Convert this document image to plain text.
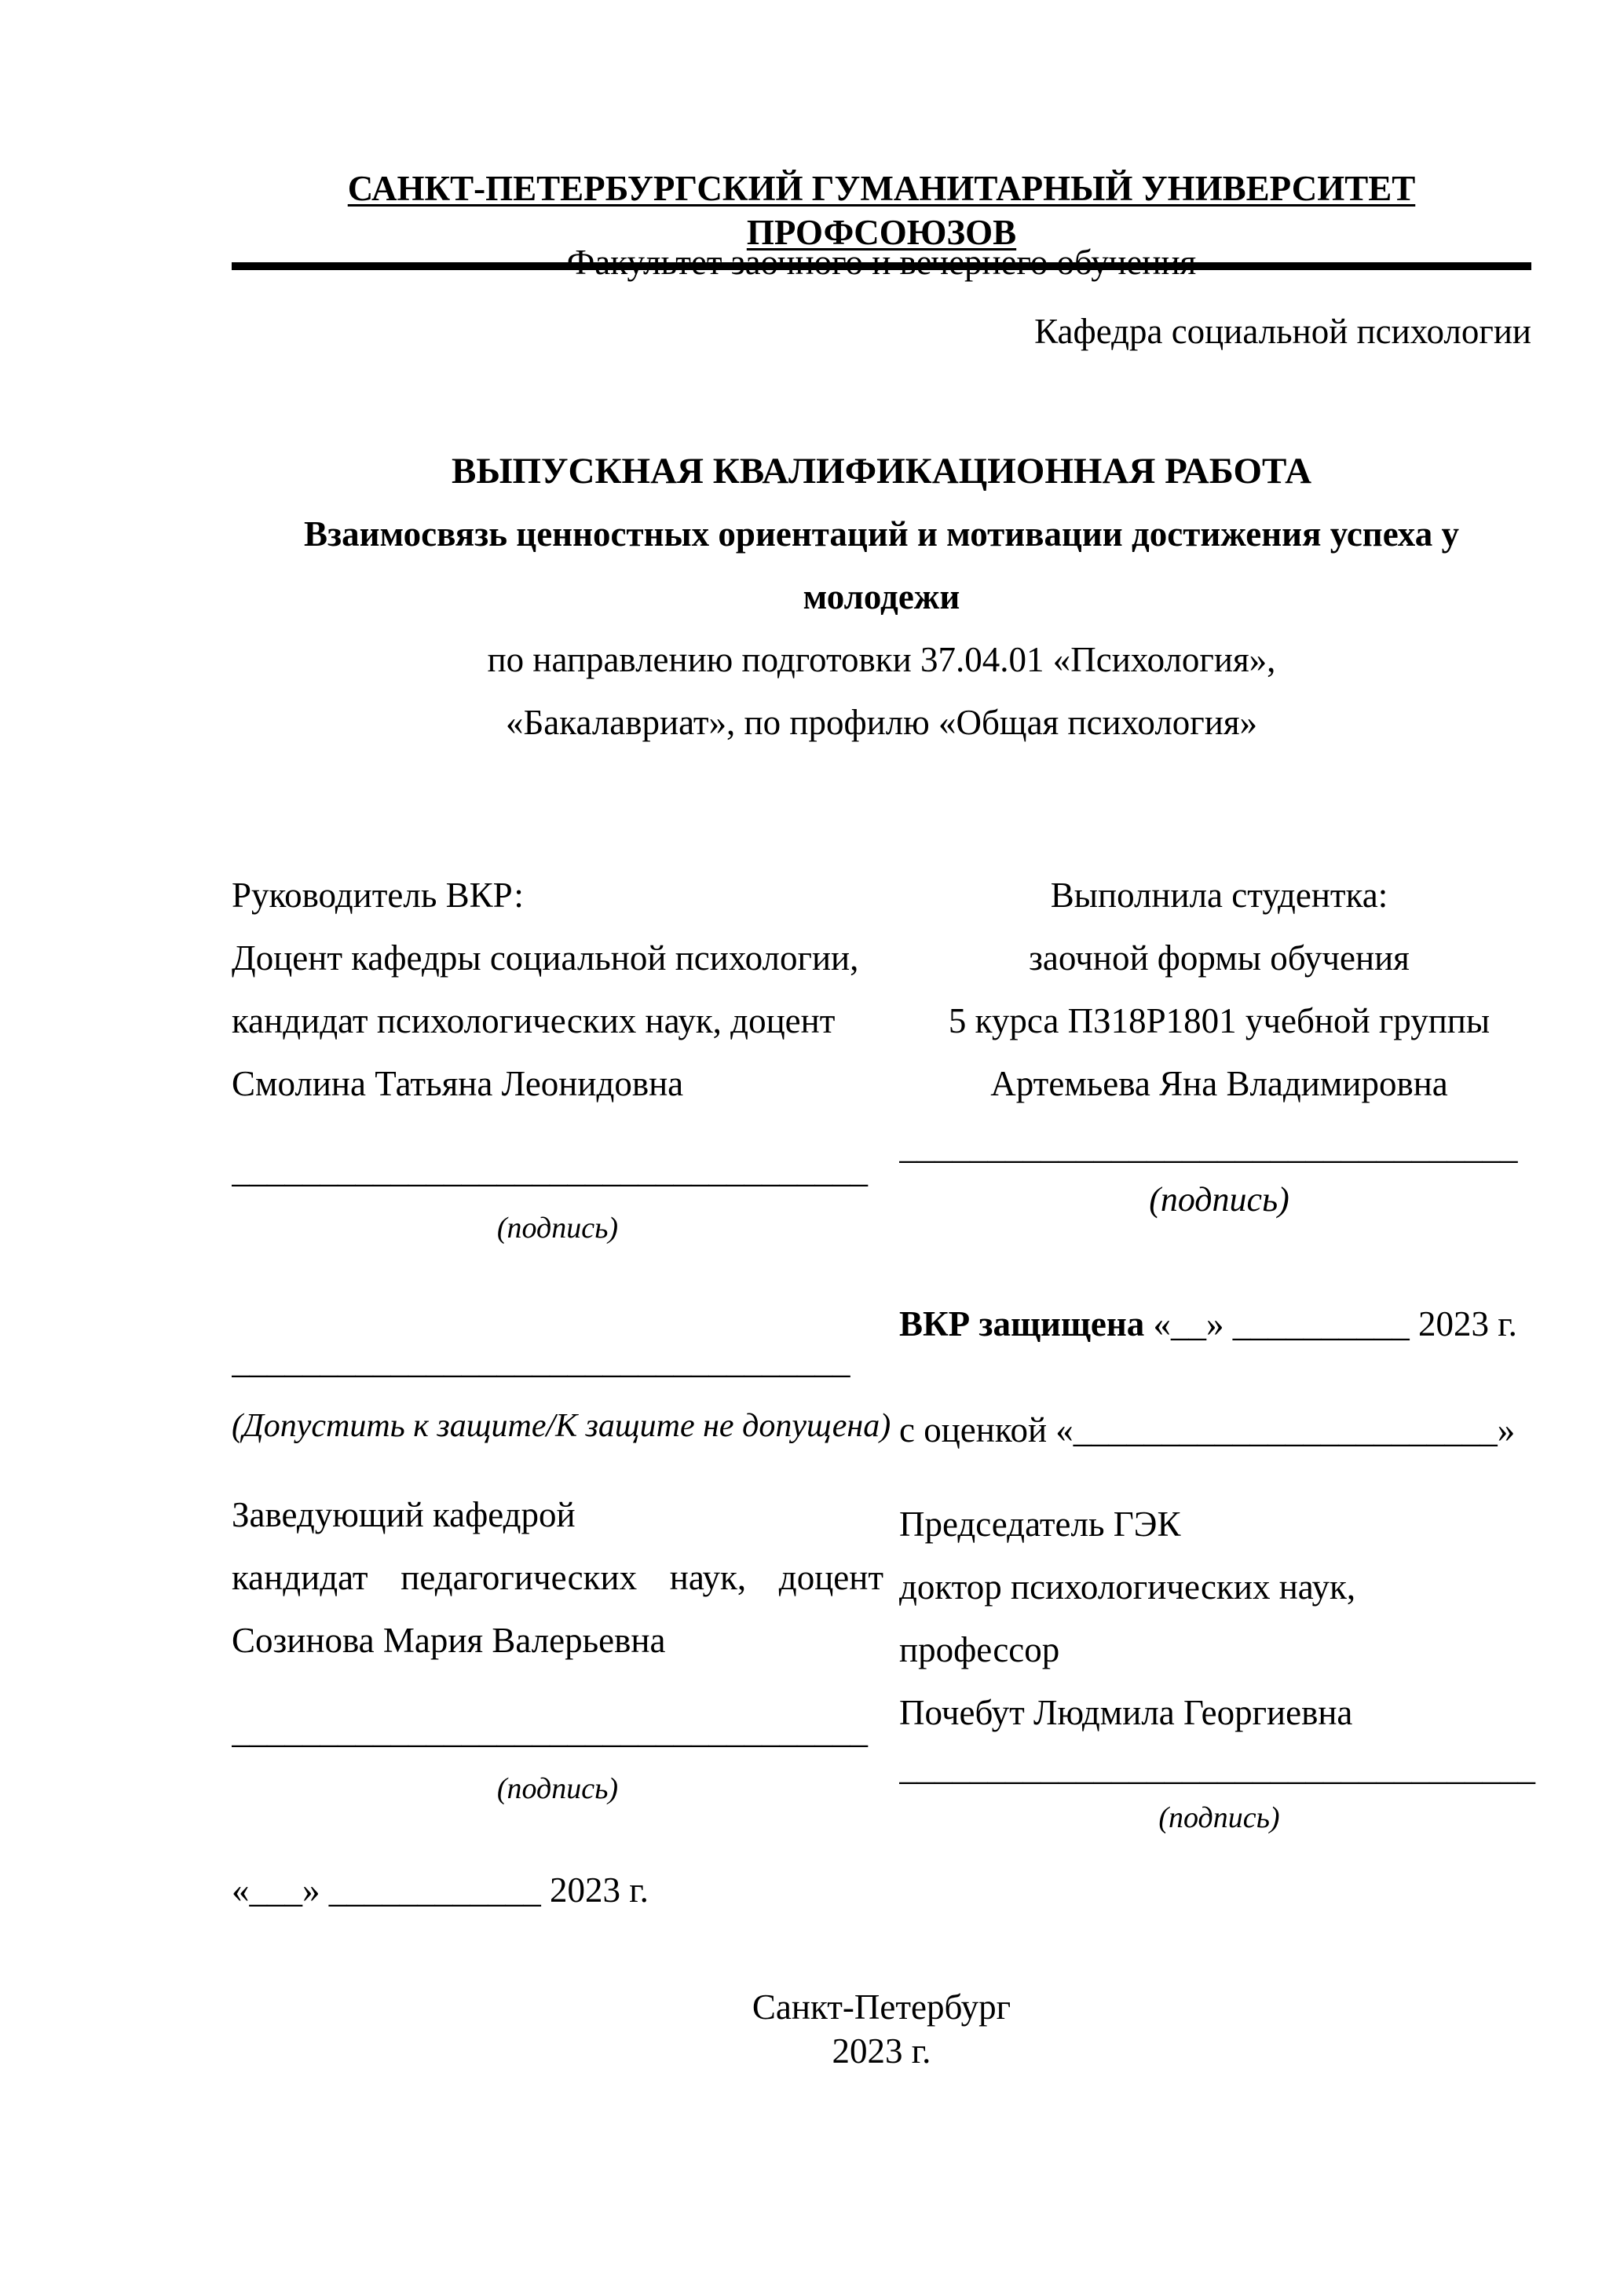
САНКТ-ПЕТЕРБУРГСКИЙ ГУМАНИТАРНЫЙ УНИВЕРСИТЕТ ПРОФСОЮЗОВ
Факультет заочного и вечернего обучения
Кафедра социальной психологии
ВЫПУСКНАЯ КВАЛИФИКАЦИОННАЯ РАБОТА
Взаимосвязь ценностных ориентаций и мотивации достижения успеха у
молодежи
по направлению подготовки 37.04.01 «Психология»,
«Бакалавриат», по профилю «Общая психология»
Руководитель ВКР:
Доцент кафедры социальной психологии,
кандидат психологических наук, доцент
Смолина Татьяна Леонидовна
____________________________________
(подпись)
___________________________________
(Допустить к защите/К защите не допущена)
Заведующий кафедрой
кандидат педагогических наук, доцент
Созинова Мария Валерьевна
____________________________________
(подпись)
«___» ____________ 2023 г.
Выполнила студентка:
заочной формы обучения
5 курса ПЗ18Р1801 учебной группы
Артемьева Яна Владимировна
___________________________________
(подпись)
ВКР защищена «__» __________ 2023 г.
с оценкой «________________________»
Председатель ГЭК
доктор психологических наук,
профессор
Почебут Людмила Георгиевна
____________________________________
(подпись)
Санкт-Петербург
2023 г.
